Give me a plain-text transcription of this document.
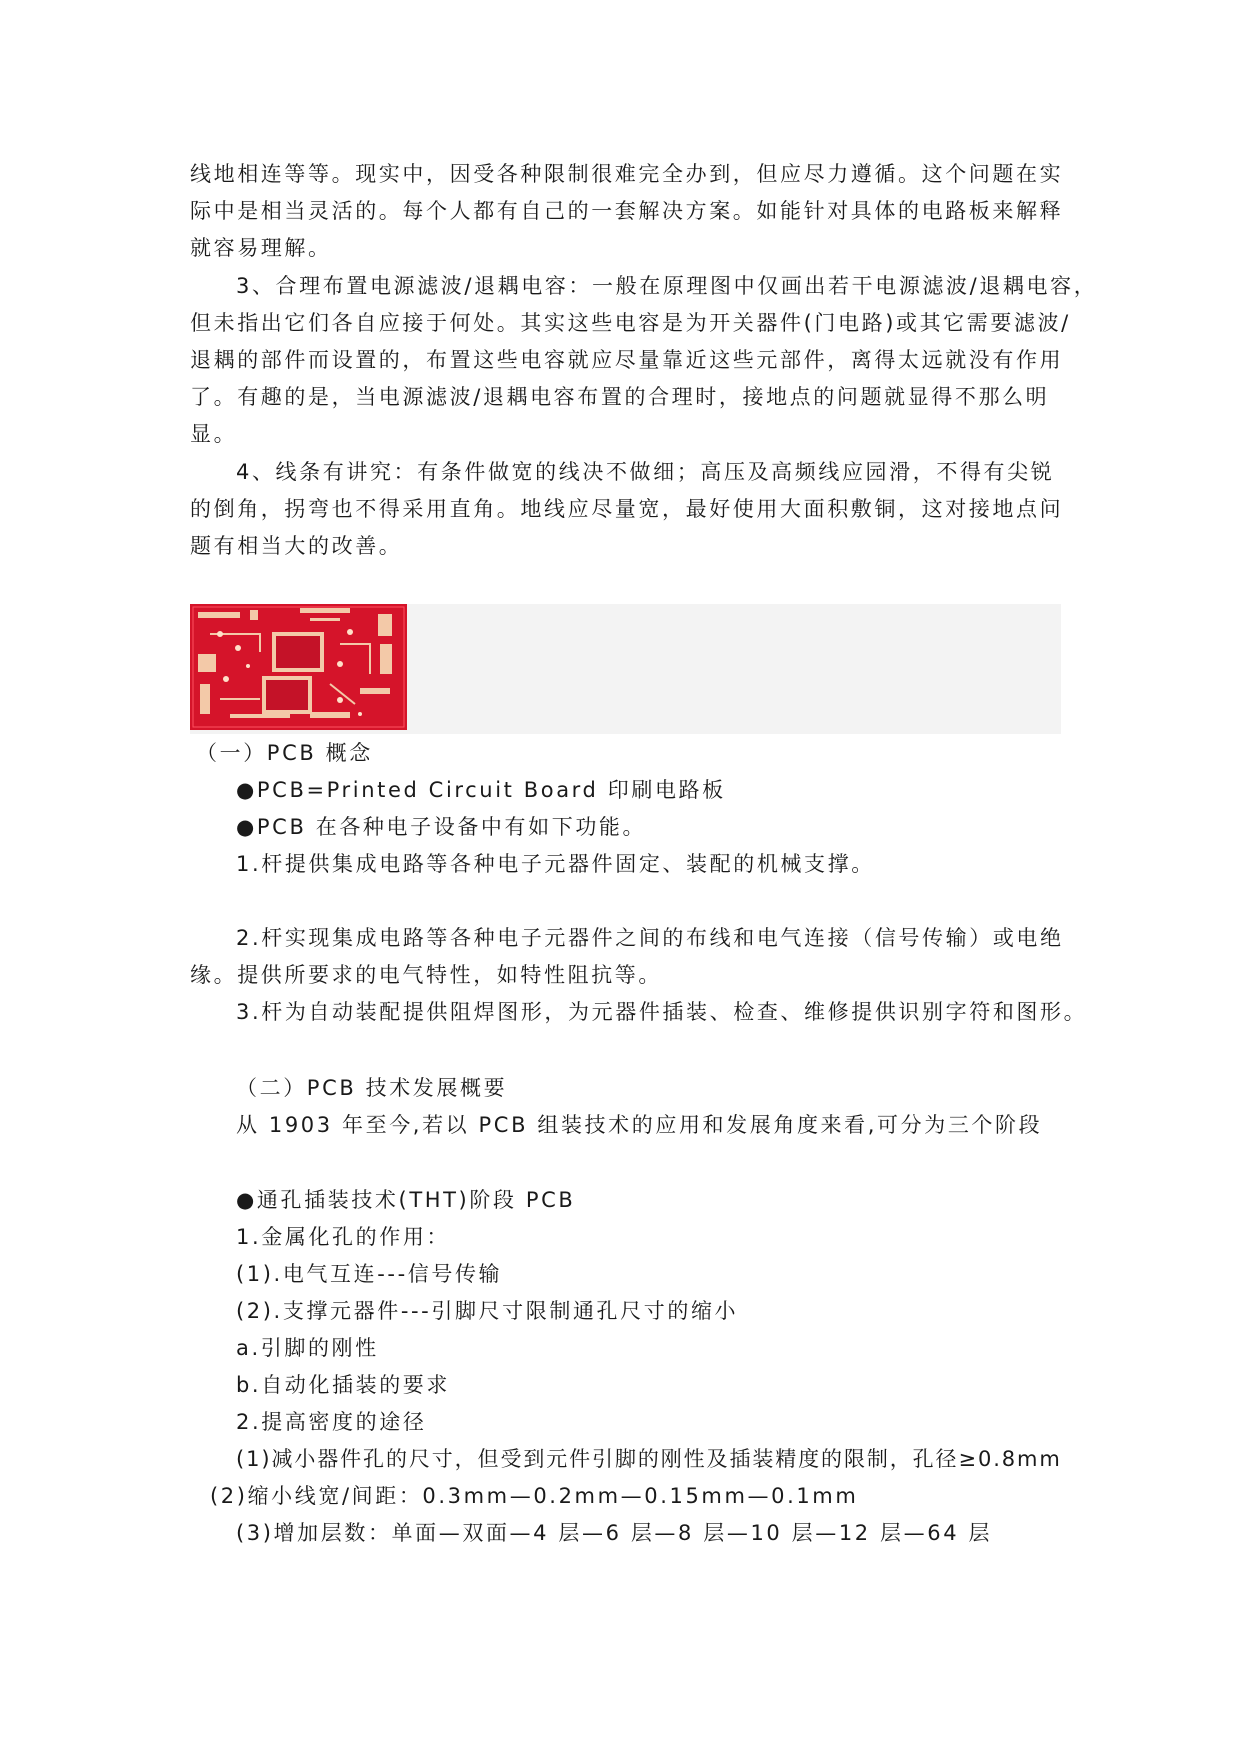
线地相连等等。现实中，因受各种限制很难完全办到，但应尽力遵循。这个问题在实
际中是相当灵活的。每个人都有自己的一套解决方案。如能针对具体的电路板来解释
就容易理解。
3、合理布置电源滤波/退耦电容：一般在原理图中仅画出若干电源滤波/退耦电容，
但未指出它们各自应接于何处。其实这些电容是为开关器件(门电路)或其它需要滤波/
退耦的部件而设置的，布置这些电容就应尽量靠近这些元部件，离得太远就没有作用
了。有趣的是，当电源滤波/退耦电容布置的合理时，接地点的问题就显得不那么明
显。
4、线条有讲究：有条件做宽的线决不做细；高压及高频线应园滑，不得有尖锐
的倒角，拐弯也不得采用直角。地线应尽量宽，最好使用大面积敷铜，这对接地点问
题有相当大的改善。
（一）PCB 概念
●PCB=Printed Circuit Board 印刷电路板
●PCB 在各种电子设备中有如下功能。
1.杆提供集成电路等各种电子元器件固定、装配的机械支撑。
2.杆实现集成电路等各种电子元器件之间的布线和电气连接（信号传输）或电绝
缘。提供所要求的电气特性，如特性阻抗等。
3.杆为自动装配提供阻焊图形，为元器件插装、检查、维修提供识别字符和图形。
（二）PCB 技术发展概要
从 1903 年至今,若以 PCB 组装技术的应用和发展角度来看,可分为三个阶段
●通孔插装技术(THT)阶段 PCB
1.金属化孔的作用：
(1).电气互连---信号传输
(2).支撑元器件---引脚尺寸限制通孔尺寸的缩小
a.引脚的刚性
b.自动化插装的要求
2.提高密度的途径
(1)减小器件孔的尺寸，但受到元件引脚的刚性及插装精度的限制，孔径≥0.8mm
(2)缩小线宽/间距：0.3mm—0.2mm—0.15mm—0.1mm
(3)增加层数：单面—双面—4 层—6 层—8 层—10 层—12 层—64 层
